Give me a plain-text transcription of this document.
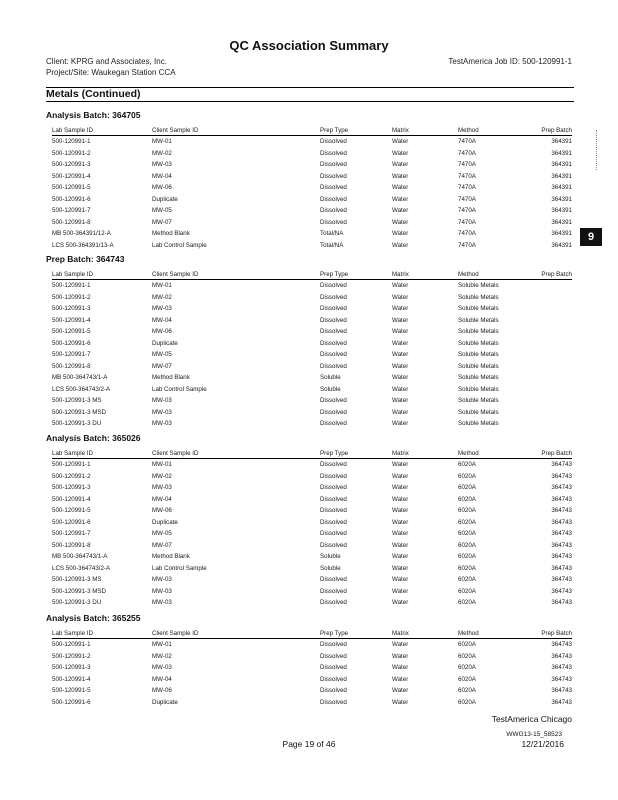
QC Association Summary
Client: KPRG and Associates, Inc.	TestAmerica Job ID: 500-120991-1
Project/Site: Waukegan Station CCA
Metals (Continued)
9
Analysis Batch: 364705
Lab Sample ID	Client Sample ID	Prep Type	Matrix	Method	Prep Batch
500-120991-1	MW-01	Dissolved	Water	7470A	364391
500-120991-2	MW-02	Dissolved	Water	7470A	364391
500-120991-3	MW-03	Dissolved	Water	7470A	364391
500-120991-4	MW-04	Dissolved	Water	7470A	364391
500-120991-5	MW-06	Dissolved	Water	7470A	364391
500-120991-6	Duplicate	Dissolved	Water	7470A	364391
500-120991-7	MW-05	Dissolved	Water	7470A	364391
500-120991-8	MW-07	Dissolved	Water	7470A	364391
MB 500-364391/12-A	Method Blank	Total/NA	Water	7470A	364391
LCS 500-364391/13-A	Lab Control Sample	Total/NA	Water	7470A	364391
Prep Batch: 364743
Lab Sample ID	Client Sample ID	Prep Type	Matrix	Method	Prep Batch
500-120991-1	MW-01	Dissolved	Water	Soluble Metals	
500-120991-2	MW-02	Dissolved	Water	Soluble Metals	
500-120991-3	MW-03	Dissolved	Water	Soluble Metals	
500-120991-4	MW-04	Dissolved	Water	Soluble Metals	
500-120991-5	MW-06	Dissolved	Water	Soluble Metals	
500-120991-6	Duplicate	Dissolved	Water	Soluble Metals	
500-120991-7	MW-05	Dissolved	Water	Soluble Metals	
500-120991-8	MW-07	Dissolved	Water	Soluble Metals	
MB 500-364743/1-A	Method Blank	Soluble	Water	Soluble Metals	
LCS 500-364743/2-A	Lab Control Sample	Soluble	Water	Soluble Metals	
500-120991-3 MS	MW-03	Dissolved	Water	Soluble Metals	
500-120991-3 MSD	MW-03	Dissolved	Water	Soluble Metals	
500-120991-3 DU	MW-03	Dissolved	Water	Soluble Metals	
Analysis Batch: 365026
Lab Sample ID	Client Sample ID	Prep Type	Matrix	Method	Prep Batch
500-120991-1	MW-01	Dissolved	Water	6020A	364743
500-120991-2	MW-02	Dissolved	Water	6020A	364743
500-120991-3	MW-03	Dissolved	Water	6020A	364743
500-120991-4	MW-04	Dissolved	Water	6020A	364743
500-120991-5	MW-06	Dissolved	Water	6020A	364743
500-120991-6	Duplicate	Dissolved	Water	6020A	364743
500-120991-7	MW-05	Dissolved	Water	6020A	364743
500-120991-8	MW-07	Dissolved	Water	6020A	364743
MB 500-364743/1-A	Method Blank	Soluble	Water	6020A	364743
LCS 500-364743/2-A	Lab Control Sample	Soluble	Water	6020A	364743
500-120991-3 MS	MW-03	Dissolved	Water	6020A	364743
500-120991-3 MSD	MW-03	Dissolved	Water	6020A	364743
500-120991-3 DU	MW-03	Dissolved	Water	6020A	364743
Analysis Batch: 365255
Lab Sample ID	Client Sample ID	Prep Type	Matrix	Method	Prep Batch
500-120991-1	MW-01	Dissolved	Water	6020A	364743
500-120991-2	MW-02	Dissolved	Water	6020A	364743
500-120991-3	MW-03	Dissolved	Water	6020A	364743
500-120991-4	MW-04	Dissolved	Water	6020A	364743
500-120991-5	MW-06	Dissolved	Water	6020A	364743
500-120991-6	Duplicate	Dissolved	Water	6020A	364743
TestAmerica Chicago
WWG13-15_58523
Page 19 of 46	12/21/2016
